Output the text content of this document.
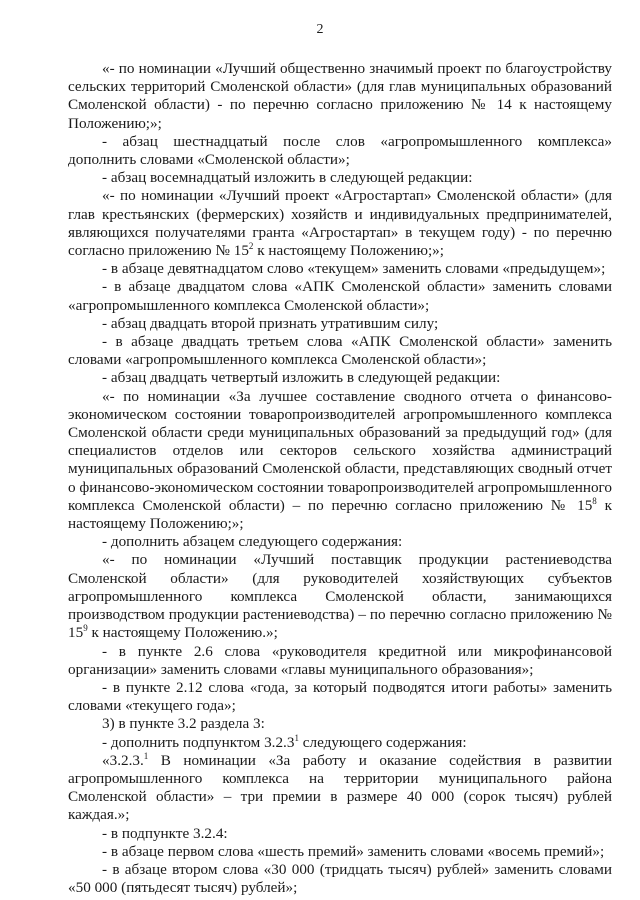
2

«- по номинации «Лучший общественно значимый проект по благоустройству сельских территорий Смоленской области» (для глав муниципальных образований Смоленской области) - по перечню согласно приложению № 14 к настоящему Положению;»;

- абзац шестнадцатый после слов «агропромышленного комплекса» дополнить словами «Смоленской области»;

- абзац восемнадцатый изложить в следующей редакции:

«- по номинации «Лучший проект «Агростартап» Смоленской области» (для глав крестьянских (фермерских) хозяйств и индивидуальных предпринимателей, являющихся получателями гранта «Агростартап» в текущем году) - по перечню согласно приложению № $15^2$ к настоящему Положению;»;

- в абзаце девятнадцатом слово «текущем» заменить словами «предыдущем»;

- в абзаце двадцатом слова «АПК Смоленской области» заменить словами «агропромышленного комплекса Смоленской области»;

- абзац двадцать второй признать утратившим силу;

- в абзаце двадцать третьем слова «АПК Смоленской области» заменить словами «агропромышленного комплекса Смоленской области»;

- абзац двадцать четвертый изложить в следующей редакции:

«- по номинации «За лучшее составление сводного отчета о финансово-экономическом состоянии товаропроизводителей агропромышленного комплекса Смоленской области среди муниципальных образований за предыдущий год» (для специалистов отделов или секторов сельского хозяйства администраций муниципальных образований Смоленской области, представляющих сводный отчет о финансово-экономическом состоянии товаропроизводителей агропромышленного комплекса Смоленской области) – по перечню согласно приложению № $15^8$ к настоящему Положению;»;

- дополнить абзацем следующего содержания:

«- по номинации «Лучший поставщик продукции растениеводства Смоленской области» (для руководителей хозяйствующих субъектов агропромышленного комплекса Смоленской области, занимающихся производством продукции растениеводства) – по перечню согласно приложению № $15^9$ к настоящему Положению.»;

- в пункте 2.6 слова «руководителя кредитной или микрофинансовой организации» заменить словами «главы муниципального образования»;

- в пункте 2.12 слова «года, за который подводятся итоги работы» заменить словами «текущего года»;

3) в пункте 3.2 раздела 3:

- дополнить подпунктом 3.2.3$^1$ следующего содержания:

«3.2.3.$^1$ В номинации «За работу и оказание содействия в развитии агропромышленного комплекса на территории муниципального района Смоленской области» – три премии в размере 40 000 (сорок тысяч) рублей каждая.»;

- в подпункте 3.2.4:

- в абзаце первом слова «шесть премий» заменить словами «восемь премий»;

- в абзаце втором слова «30 000 (тридцать тысяч) рублей» заменить словами «50 000 (пятьдесят тысяч) рублей»;
